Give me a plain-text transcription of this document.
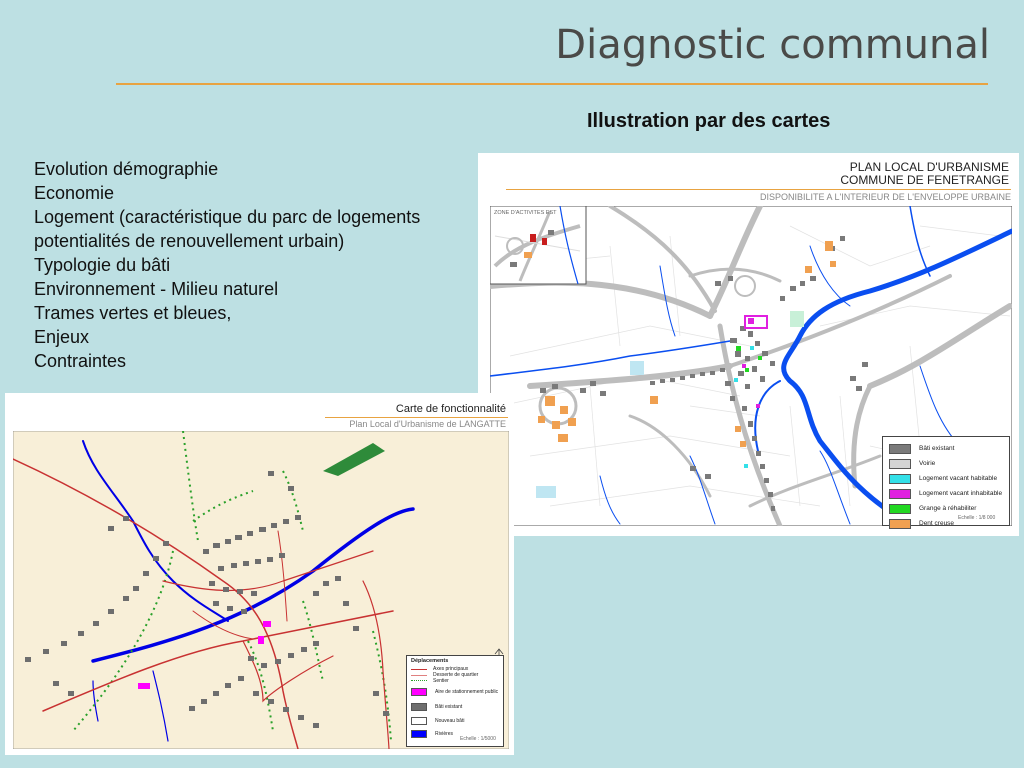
Diagnostic communal
Illustration par des cartes
Evolution démographie
Economie
Logement (caractéristique du parc de logements
potentialités de renouvellement urbain)
Typologie du bâti
Environnement - Milieu naturel
Trames vertes et bleues,
Enjeux
Contraintes
PLAN LOCAL D'URBANISME
COMMUNE DE FENETRANGE
DISPONIBILITE A L'INTERIEUR DE L'ENVELOPPE URBAINE
Bâti existant
Voirie
Logement vacant habitable
Logement vacant inhabitable
Grange à réhabiliter
Dent creuse
Echelle : 1/8 000
ZONE D'ACTIVITES EST
Carte de fonctionnalité
Plan Local d'Urbanisme de LANGATTE
Déplacements
Axes principaux
Desserte de quartier
Sentier
Aire de stationnement public
Bâti existant
Nouveau bâti
Rivières
Echelle : 1/5000
